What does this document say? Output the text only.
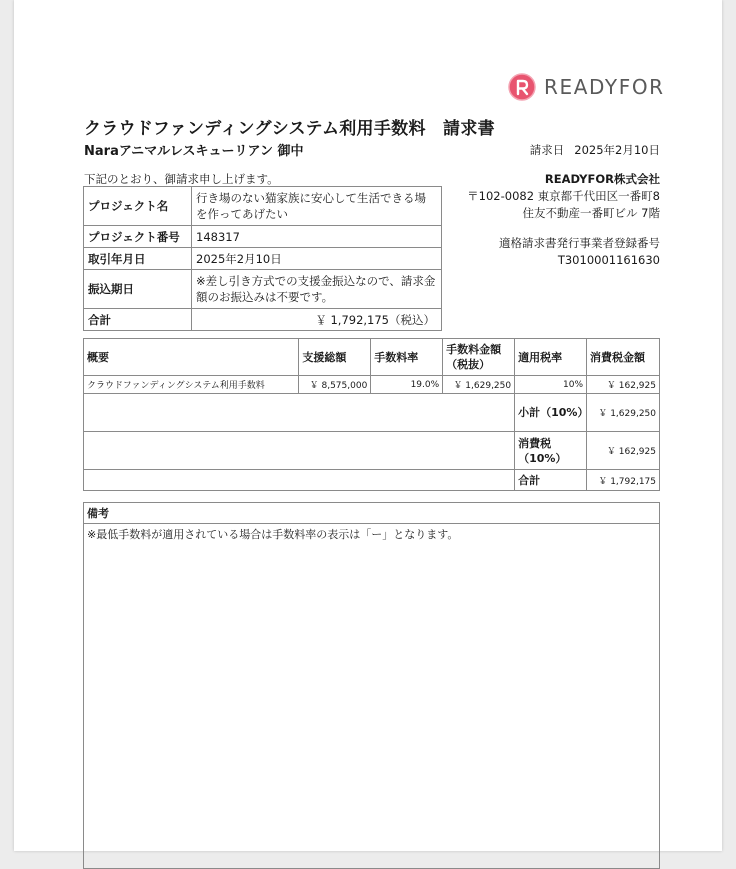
READYFOR
クラウドファンディングシステム利用手数料　請求書
Naraアニマルレスキューリアン 御中	請求日 2025年2月10日
下記のとおり、御請求申し上げます。	READYFOR株式会社
〒102-0082 東京都千代田区一番町8
住友不動産一番町ビル 7階
適格請求書発行事業者登録番号
T3010001161630
プロジェクト名	行き場のない猫家族に安心して生活できる場を作ってあげたい
プロジェクト番号	148317
取引年月日	2025年2月10日
振込期日	※差し引き方式での支援金振込なので、請求金額のお振込みは不要です。
合計	￥ 1,792,175（税込）
概要	支援総額	手数料率	手数料金額（税抜）	適用税率	消費税金額
クラウドファンディングシステム利用手数料	￥ 8,575,000	19.0%	￥ 1,629,250	10%	￥ 162,925
				小計（10%）	￥ 1,629,250
				消費税（10%）	￥ 162,925
				合計	￥ 1,792,175
備考
※最低手数料が適用されている場合は手数料率の表示は「ー」となります。
